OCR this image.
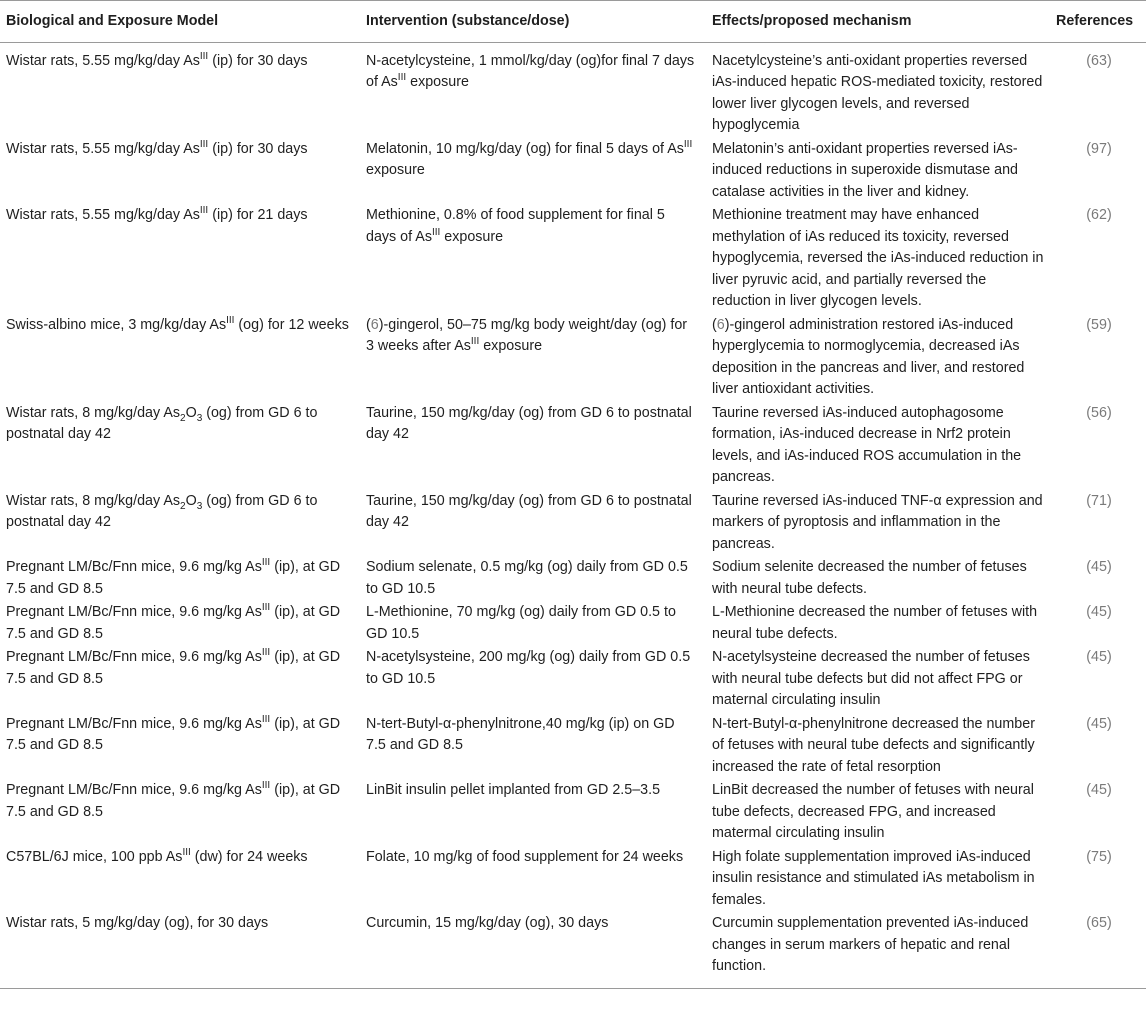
Biological and Exposure Model	Intervention (substance/dose)	Effects/proposed mechanism	References
Wistar rats, 5.55 mg/kg/day $As^{III}$ (ip) for 30 days	N-acetylcysteine, 1 mmol/kg/day (og)for final 7 days of $As^{III}$ exposure	Nacetylcysteine’s anti-oxidant properties reversed iAs-induced hepatic ROS-mediated toxicity, restored lower liver glycogen levels, and reversed hypoglycemia	(63)
Wistar rats, 5.55 mg/kg/day $As^{III}$ (ip) for 30 days	Melatonin, 10 mg/kg/day (og) for final 5 days of $As^{III}$ exposure	Melatonin’s anti-oxidant properties reversed iAs-induced reductions in superoxide dismutase and catalase activities in the liver and kidney.	(97)
Wistar rats, 5.55 mg/kg/day $As^{III}$ (ip) for 21 days	Methionine, 0.8% of food supplement for final 5 days of $As^{III}$ exposure	Methionine treatment may have enhanced methylation of iAs reduced its toxicity, reversed hypoglycemia, reversed the iAs-induced reduction in liver pyruvic acid, and partially reversed the reduction in liver glycogen levels.	(62)
Swiss-albino mice, 3 mg/kg/day $As^{III}$ (og) for 12 weeks	(6)-gingerol, 50–75 mg/kg body weight/day (og) for 3 weeks after $As^{III}$ exposure	(6)-gingerol administration restored iAs-induced hyperglycemia to normoglycemia, decreased iAs deposition in the pancreas and liver, and restored liver antioxidant activities.	(59)
Wistar rats, 8 mg/kg/day $As_2O_3$ (og) from GD 6 to postnatal day 42	Taurine, 150 mg/kg/day (og) from GD 6 to postnatal day 42	Taurine reversed iAs-induced autophagosome formation, iAs-induced decrease in Nrf2 protein levels, and iAs-induced ROS accumulation in the pancreas.	(56)
Wistar rats, 8 mg/kg/day $As_2O_3$ (og) from GD 6 to postnatal day 42	Taurine, 150 mg/kg/day (og) from GD 6 to postnatal day 42	Taurine reversed iAs-induced TNF-α expression and markers of pyroptosis and inflammation in the pancreas.	(71)
Pregnant LM/Bc/Fnn mice, 9.6 mg/kg $As^{III}$ (ip), at GD 7.5 and GD 8.5	Sodium selenate, 0.5 mg/kg (og) daily from GD 0.5 to GD 10.5	Sodium selenite decreased the number of fetuses with neural tube defects.	(45)
Pregnant LM/Bc/Fnn mice, 9.6 mg/kg $As^{III}$ (ip), at GD 7.5 and GD 8.5	L-Methionine, 70 mg/kg (og) daily from GD 0.5 to GD 10.5	L-Methionine decreased the number of fetuses with neural tube defects.	(45)
Pregnant LM/Bc/Fnn mice, 9.6 mg/kg $As^{III}$ (ip), at GD 7.5 and GD 8.5	N-acetylsysteine, 200 mg/kg (og) daily from GD 0.5 to GD 10.5	N-acetylsysteine decreased the number of fetuses with neural tube defects but did not affect FPG or maternal circulating insulin	(45)
Pregnant LM/Bc/Fnn mice, 9.6 mg/kg $As^{III}$ (ip), at GD 7.5 and GD 8.5	N-tert-Butyl-α-phenylnitrone,40 mg/kg (ip) on GD 7.5 and GD 8.5	N-tert-Butyl-α-phenylnitrone decreased the number of fetuses with neural tube defects and significantly increased the rate of fetal resorption	(45)
Pregnant LM/Bc/Fnn mice, 9.6 mg/kg $As^{III}$ (ip), at GD 7.5 and GD 8.5	LinBit insulin pellet implanted from GD 2.5–3.5	LinBit decreased the number of fetuses with neural tube defects, decreased FPG, and increased matermal circulating insulin	(45)
C57BL/6J mice, 100 ppb $As^{III}$ (dw) for 24 weeks	Folate, 10 mg/kg of food supplement for 24 weeks	High folate supplementation improved iAs-induced insulin resistance and stimulated iAs metabolism in females.	(75)
Wistar rats, 5 mg/kg/day (og), for 30 days	Curcumin, 15 mg/kg/day (og), 30 days	Curcumin supplementation prevented iAs-induced changes in serum markers of hepatic and renal function.	(65)
